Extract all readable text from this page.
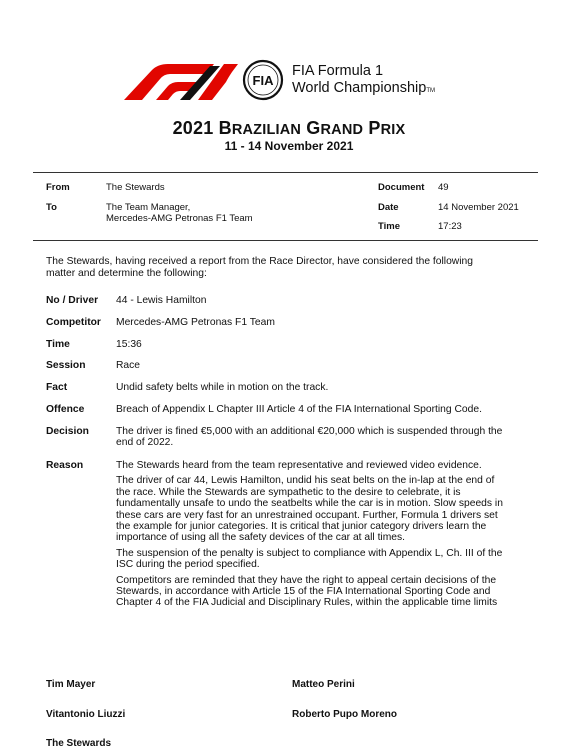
FIA
FIA Formula 1
World ChampionshipTM
2021 BRAZILIAN GRAND PRIX
11 - 14 November 2021
From	The Stewards
To	The Team Manager,
Mercedes-AMG Petronas F1 Team
Document 49
Date	14 November 2021
Time	17:23
The Stewards, having received a report from the Race Director, have considered the following
matter and determine the following:
No / Driver 44 - Lewis Hamilton
Competitor Mercedes-AMG Petronas F1 Team
Time	15:36
Session	Race
Fact	Undid safety belts while in motion on the track.
Offence	Breach of Appendix L Chapter III Article 4 of the FIA International Sporting Code.
Decision	The driver is fined €5,000 with an additional €20,000 which is suspended through the
end of 2022.
Reason	The Stewards heard from the team representative and reviewed video evidence.
The driver of car 44, Lewis Hamilton, undid his seat belts on the in-lap at the end of
the race. While the Stewards are sympathetic to the desire to celebrate, it is
fundamentally unsafe to undo the seatbelts while the car is in motion. Slow speeds in
these cars are very fast for an unrestrained occupant. Further, Formula 1 drivers set
the example for junior categories. It is critical that junior category drivers learn the
importance of using all the safety devices of the car at all times.
The suspension of the penalty is subject to compliance with Appendix L, Ch. III of the
ISC during the period specified.
Competitors are reminded that they have the right to appeal certain decisions of the
Stewards, in accordance with Article 15 of the FIA International Sporting Code and
Chapter 4 of the FIA Judicial and Disciplinary Rules, within the applicable time limits
Tim Mayer	Matteo Perini
Vitantonio Liuzzi	Roberto Pupo Moreno
The Stewards
